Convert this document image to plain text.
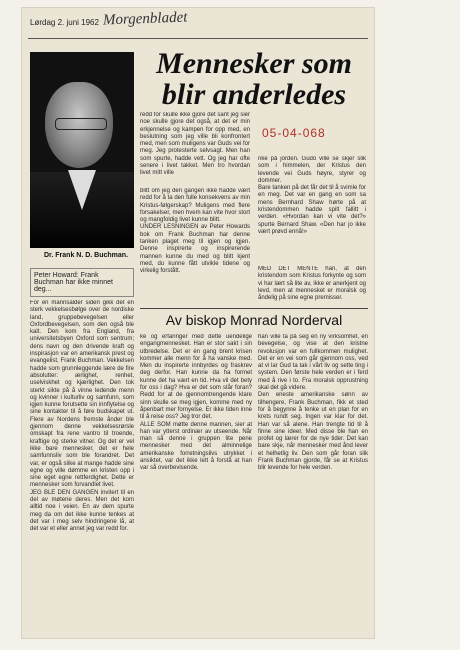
Lørdag 2. juni 1962 Morgenbladet
Dr. Frank N. D. Buchman.
Peter Howard: Frank Buchman har ikke minnet deg...
Mennesker som blir anderledes
05-04-068
redd for skulle ikke gjore det sant jeg sier noe skulle gjore det også, at det er min erkjennelse og kampen for opp med, en beslutning som jeg ville bli konfrontert med, men som muligens var Guds vei for meg. Jeg protesterte selvsagt. Men han som spurte, hadde vett. Og jeg har ofte senere i livet takket. Men tro hvordan livet mitt ville
blitt om jeg den gangen ikke hadde vært redd for å ta den fulle konsekvens av min Kristus-følgerskap? Muligens med flere forsakelser, men hvem kan vite hvor stort og mangfoldig livet kunne blitt.
UNDER LESNINGEN av Peter Howards bok om Frank Buchman har denne tanken plaget meg til igjen og igjen. Denne inspirerte og inspirerende mannen kunne du med og blitt kjent med, du kunne fått utvikle tidene og virkelig forstått.
rike på jorden. Gudo ville se skjer slik som i himmelen, der Kristus den levende vei Guds høyre, styrer og dommer.
Bare tanken på det får det til å svimle for en meg. Det var en gang en som sa mens Bernhard Shaw hørte på at kristendommen hadde spilt fallitt i verden. «Hvordan kan vi vite det?» spurte Bernard Shaw. «Den har jo ikke vært prøvd ennå!»
MED DET MENTE han, at den kristendom som Kristus forkynte og som vi har lært så lite av, ikke er anerkjent og levd, men at mennesket er moralsk og åndelig på sine egne premisser.
Av biskop Monrad Norderval
For en mannsalder siden gikk det en sterk vekkelsesbølge over de nordiske land, gruppebevegelsen eller Oxfordbevegelsen, som den også ble kalt. Den kom fra England, fra universitetsbyen Oxford som sentrum; dens navn og den drivende kraft og inspirasjon var en amerikansk prest og evangelist, Frank Buchman. Vekkelsen hadde som grunnleggende lære de fire absolutter: ærlighet, renhet, uselviskhet og kjærlighet. Den tok sterkt sikte på å vinne ledende menn og kvinner i kulturliv og samfunn, som igjen kunne forutsette sin innflytelse og sine kontakter til å føre budskapet ut. Flere av Nordens fremste ånder ble gjennom denne vekkelsesrørsle omskapt fra rene vantro til troende, kraftige og sterke vitner. Og det er vel ikke bare mennesker, det er hele samfunnsliv som ble forandret. Det var, er også slike at mange hadde sine egne og ville dømme en kristen opp i sine eget egne rettferdighet. Dette er mennesker som forvandlet livet.
JEG BLE DEN GANGEN invitert til en del av møtene deres. Men det kom alltid noe i veien. En av dem spurte meg da om det ikke kunne tenkes at det var i meg selv hindringene lå, at det var et eller annet jeg var redd for.
ke og erfaringer med dette uendelige engangmennesket. Han er stor sakt i sin utbredelse. Det er én gang brent krisen kommer alle menn for å ha vanske med. Men du inspirerte innbyrdes og fraskrev deg derfor. Han kunne da ha formet kunne det ha vært en tid. Hva vil det bety for oss i dag? Hva er det som står foran? Redd for at de gjennomtrengende klare sinn skulle se meg igjen, komme med ny åpenbart mer fornyelse. Er ikke tiden inne til å reise oss? Jeg tror det.
ALLE SOM møtte denne mannen, sier at han var ytterst ordinær av utseende. Når man så denne i gruppen lite pene mennesker med det alminnelige amerikanske forretningslivs utrykket i ansiktet, var det ikke lett å forstå at han var så overbevisende.
han ville ta på seg en ny virksomhet, en bevegelse, og vise at den kristne revolusjon var en fullkommen mulighet. Det er en vei som går gjennom oss, ved at vi lar Gud ta tak i vårt liv og sette ting i system. Den første hele verden er i ferd med å rive i to. Fra moralsk opprustning skal det gå videre.
Den eneste amerikanske sønn av tilhengere, Frank Buchman, fikk et sted for å begynne å tenke ut en plan for en krets rundt seg. Ingen var klar for det. Han var så alene. Han trengte tid til å finne sine ideer. Med disse ble han en profet og lærer for de nye tider. Det kan bare skje, når mennesker med ånd lever et helhetlig liv. Den som går foran slik Frank Buchman gjorde, får se at Kristus blir levende for hele verden.
